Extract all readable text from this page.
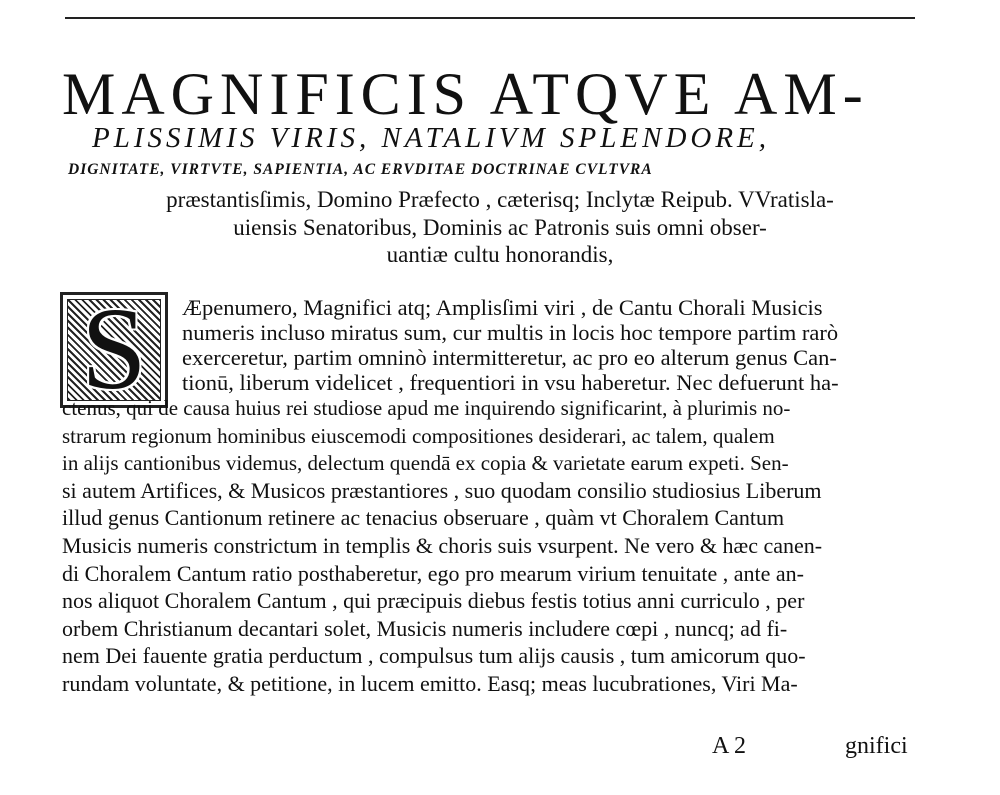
MAGNIFICIS ATQVE AM-
PLISSIMIS VIRIS, NATALIVM SPLENDORE,
DIGNITATE, VIRTVTE, SAPIENTIA, AC ERVDITAE DOCTRINAE CVLTVRA
præstantisſimis, Domino Præfecto , cæterisq; Inclytæ Reipub. VVratisla-
uiensis Senatoribus, Dominis ac Patronis suis omni obser-
uantiæ cultu honorandis,
S	Æpenumero, Magnifici atq; Amplisſimi viri , de Cantu Chorali Musicis
numeris incluso miratus sum, cur multis in locis hoc tempore partim rarò
exerceretur, partim omninò intermitteretur, ac pro eo alterum genus Can-
tionū, liberum videlicet , frequentiori in vsu haberetur. Nec defuerunt ha-
ctenus, qui de causa huius rei studiose apud me inquirendo significarint, à plurimis no-
strarum regionum hominibus eiuscemodi compositiones desiderari, ac talem, qualem
in alijs cantionibus videmus, delectum quendā ex copia & varietate earum expeti. Sen-
si autem Artifices, & Musicos præstantiores , suo quodam consilio studiosius Liberum
illud genus Cantionum retinere ac tenacius obseruare , quàm vt Choralem Cantum
Musicis numeris constrictum in templis & choris suis vsurpent. Ne vero & hæc canen-
di Choralem Cantum ratio posthaberetur, ego pro mearum virium tenuitate , ante an-
nos aliquot Choralem Cantum , qui præcipuis diebus festis totius anni curriculo , per
orbem Christianum decantari solet, Musicis numeris includere cœpi , nuncq; ad fi-
nem Dei fauente gratia perductum , compulsus tum alijs causis , tum amicorum quo-
rundam voluntate, & petitione, in lucem emitto. Easq; meas lucubrationes, Viri Ma-
A 2	gnifici
